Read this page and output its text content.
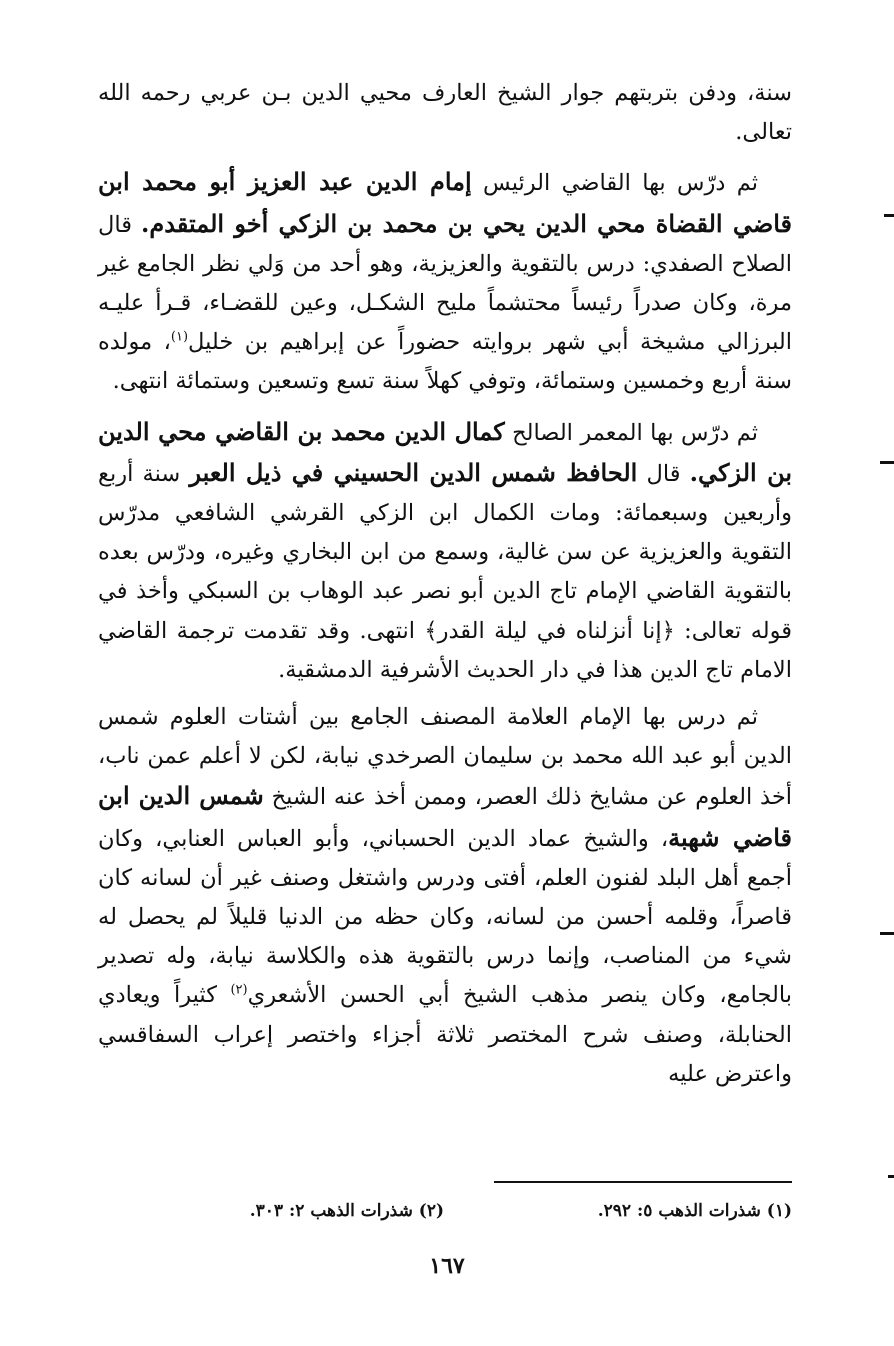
سنة، ودفن بتربتهم جوار الشيخ العارف محيي الدين بـن عربي رحمه الله تعالى.

ثم درّس بها القاضي الرئيس إمام الدين عبد العزيز أبو محمد ابن قاضي القضاة محي الدين يحي بن محمد بن الزكي أخو المتقدم. قال الصلاح الصفدي: درس بالتقوية والعزيزية، وهو أحد من وَلي نظر الجامع غير مرة، وكان صدراً رئيساً محتشماً مليح الشكـل، وعين للقضـاء، قـرأ عليـه البرزالي مشيخة أبي شهر بروايته حضوراً عن إبراهيم بن خليل$^{(١)}$، مولده سنة أربع وخمسين وستمائة، وتوفي كهلاً سنة تسع وتسعين وستمائة انتهى.

ثم درّس بها المعمر الصالح كمال الدين محمد بن القاضي محي الدين بن الزكي. قال الحافظ شمس الدين الحسيني في ذيل العبر سنة أربع وأربعين وسبعمائة: ومات الكمال ابن الزكي القرشي الشافعي مدرّس التقوية والعزيزية عن سن غالية، وسمع من ابن البخاري وغيره، ودرّس بعده بالتقوية القاضي الإمام تاج الدين أبو نصر عبد الوهاب بن السبكي وأخذ في قوله تعالى: ﴿إنا أنزلناه في ليلة القدر﴾ انتهى. وقد تقدمت ترجمة القاضي الامام تاج الدين هذا في دار الحديث الأشرفية الدمشقية.

ثم درس بها الإمام العلامة المصنف الجامع بين أشتات العلوم شمس الدين أبو عبد الله محمد بن سليمان الصرخدي نيابة، لكن لا أعلم عمن ناب، أخذ العلوم عن مشايخ ذلك العصر، وممن أخذ عنه الشيخ شمس الدين ابن قاضي شهبة، والشيخ عماد الدين الحسباني، وأبو العباس العنابي، وكان أجمع أهل البلد لفنون العلم، أفتى ودرس واشتغل وصنف غير أن لسانه كان قاصراً، وقلمه أحسن من لسانه، وكان حظه من الدنيا قليلاً لم يحصل له شيء من المناصب، وإنما درس بالتقوية هذه والكلاسة نيابة، وله تصدير بالجامع، وكان ينصر مذهب الشيخ أبي الحسن الأشعري$^{(٢)}$ كثيراً ويعادي الحنابلة، وصنف شرح المختصر ثلاثة أجزاء واختصر إعراب السفاقسي واعترض عليه

(١) شذرات الذهب ٥: ٢٩٢.
(٢) شذرات الذهب ٢: ٣٠٣.
١٦٧
